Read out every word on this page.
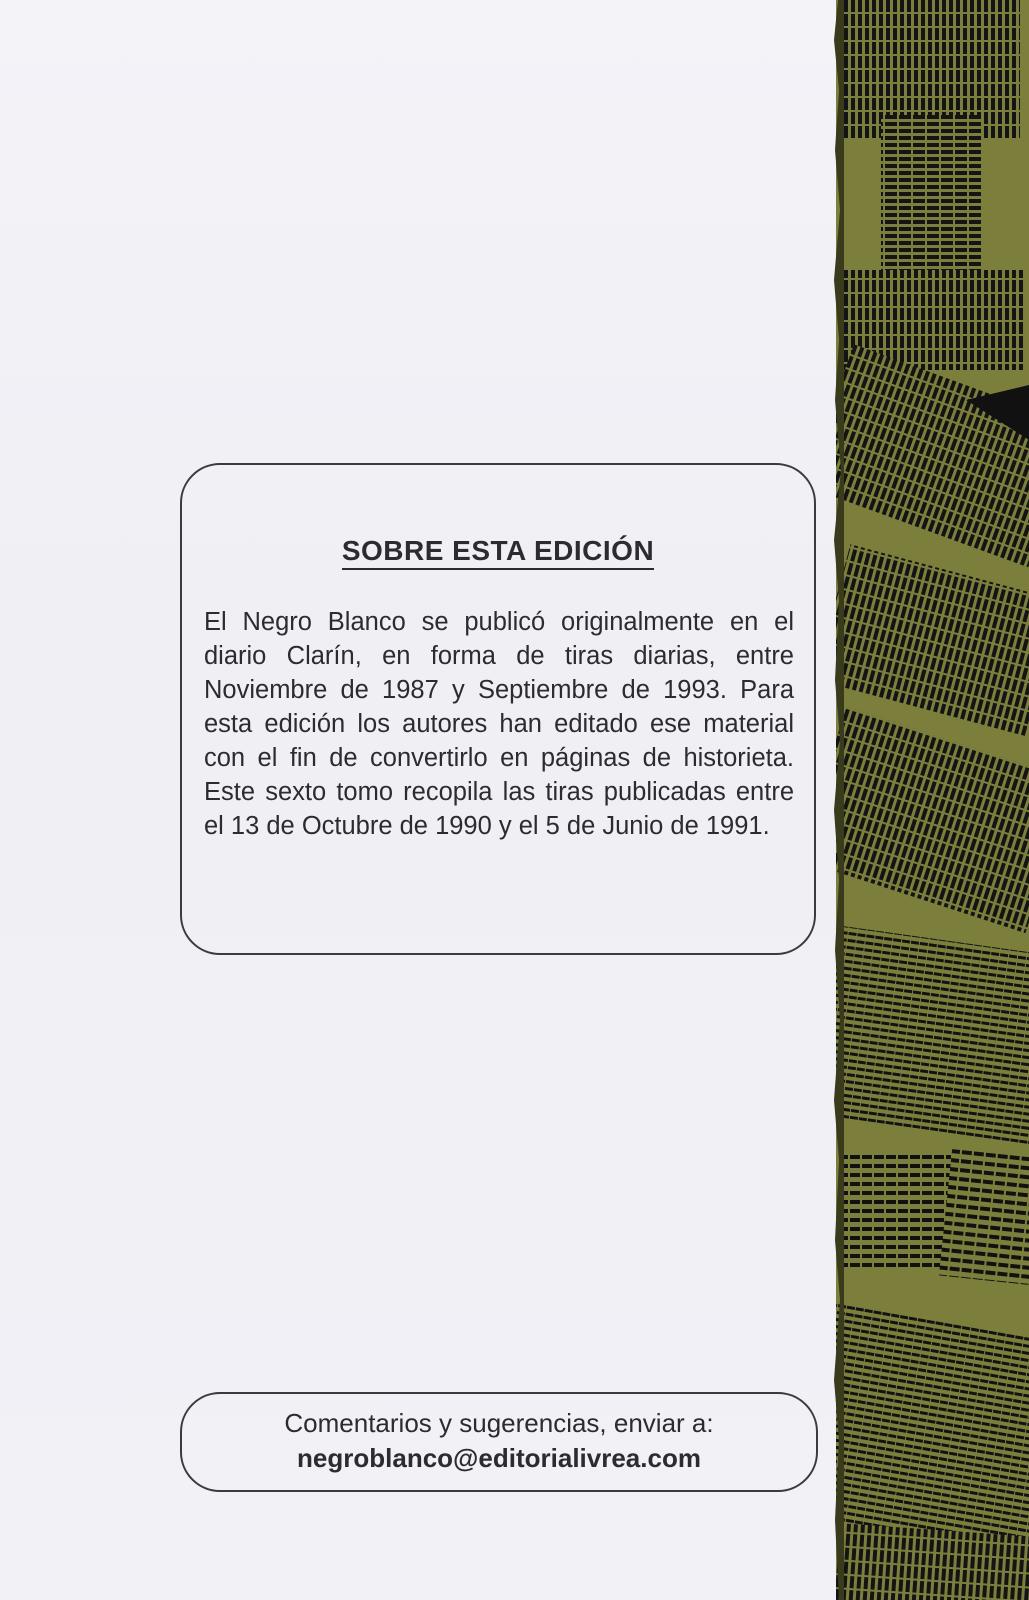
SOBRE ESTA EDICIÓN
El Negro Blanco se publicó originalmente en el diario Clarín, en forma de tiras diarias, entre Noviembre de 1987 y Septiembre de 1993. Para esta edición los autores han editado ese material con el fin de convertirlo en páginas de historieta. Este sexto tomo recopila las tiras publicadas entre el 13 de Octubre de 1990 y el 5 de Junio de 1991.
Comentarios y sugerencias, enviar a:
negroblanco@editorialivrea.com
